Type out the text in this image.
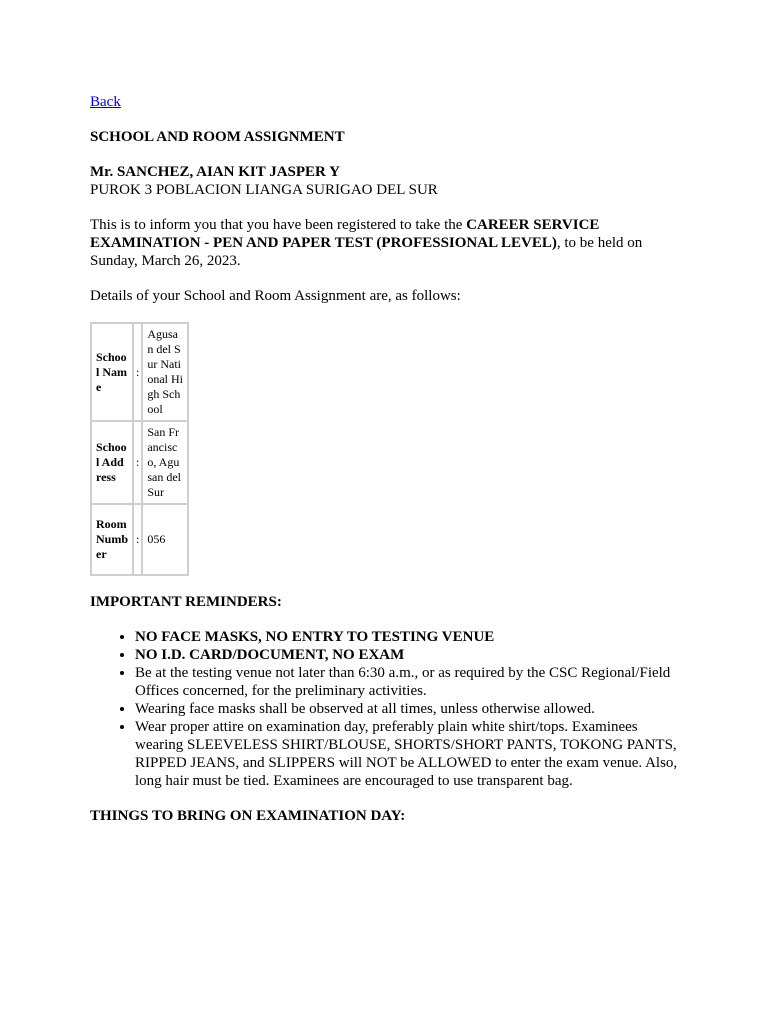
Back

SCHOOL AND ROOM ASSIGNMENT

Mr. SANCHEZ, AIAN KIT JASPER Y

PUROK 3 POBLACION LIANGA SURIGAO DEL SUR

This is to inform you that you have been registered to take the CAREER SERVICE EXAMINATION - PEN AND PAPER TEST (PROFESSIONAL LEVEL), to be held on Sunday, March 26, 2023.

Details of your School and Room Assignment are, as follows:

School Name	:	Agusan del Sur National High School
School Address	:	San Francisco, Agusan del Sur
Room Number	:	056

IMPORTANT REMINDERS:

• NO FACE MASKS, NO ENTRY TO TESTING VENUE
• NO I.D. CARD/DOCUMENT, NO EXAM
• Be at the testing venue not later than 6:30 a.m., or as required by the CSC Regional/Field Offices concerned, for the preliminary activities.
• Wearing face masks shall be observed at all times, unless otherwise allowed.
• Wear proper attire on examination day, preferably plain white shirt/tops. Examinees wearing SLEEVELESS SHIRT/BLOUSE, SHORTS/SHORT PANTS, TOKONG PANTS, RIPPED JEANS, and SLIPPERS will NOT be ALLOWED to enter the exam venue. Also, long hair must be tied. Examinees are encouraged to use transparent bag.

THINGS TO BRING ON EXAMINATION DAY:
